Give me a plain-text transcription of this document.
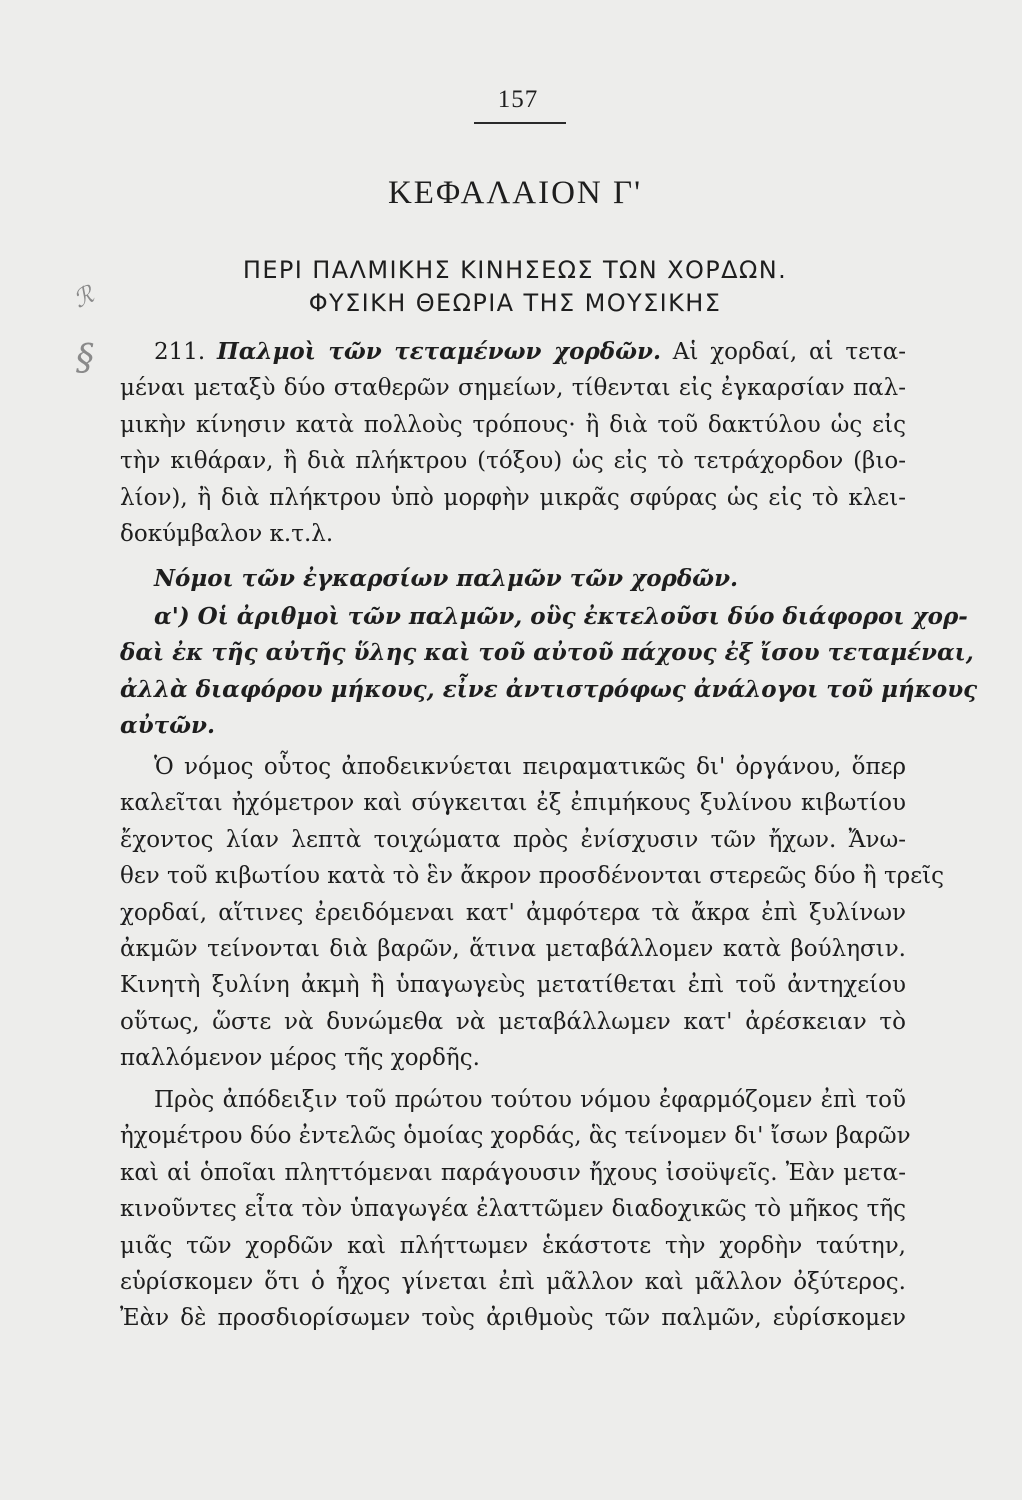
157
ΚΕΦΑΛΑΙΟΝ Γ'
ΠΕΡΙ ΠΑΛΜΙΚΗΣ ΚΙΝΗΣΕΩΣ ΤΩΝ ΧΟΡΔΩΝ.
ΦΥΣΙΚΗ ΘΕΩΡΙΑ ΤΗΣ ΜΟΥΣΙΚΗΣ
ℛ
§	211. Παλμοὶ τῶν τεταμένων χορδῶν. Αἱ χορδαί, αἱ τετα-
μέναι μεταξὺ δύο σταθερῶν σημείων, τίθενται εἰς ἐγκαρσίαν παλ-
μικὴν κίνησιν κατὰ πολλοὺς τρόπους· ἢ διὰ τοῦ δακτύλου ὡς εἰς
τὴν κιθάραν, ἢ διὰ πλήκτρου (τόξου) ὡς εἰς τὸ τετράχορδον (βιο-
λίον), ἢ διὰ πλήκτρου ὑπὸ μορφὴν μικρᾶς σφύρας ὡς εἰς τὸ κλει-
δοκύμβαλον κ.τ.λ.
Νόμοι τῶν ἐγκαρσίων παλμῶν τῶν χορδῶν.
α') Οἱ ἀριθμοὶ τῶν παλμῶν, οὓς ἐκτελοῦσι δύο διάφοροι χορ-
δαὶ ἐκ τῆς αὐτῆς ὕλης καὶ τοῦ αὐτοῦ πάχους ἐξ ἴσου τεταμέναι,
ἀλλὰ διαφόρου μήκους, εἶνε ἀντιστρόφως ἀνάλογοι τοῦ μήκους
αὐτῶν.
Ὁ νόμος οὗτος ἀποδεικνύεται πειραματικῶς δι' ὀργάνου, ὅπερ
καλεῖται ἠχόμετρον καὶ σύγκειται ἐξ ἐπιμήκους ξυλίνου κιβωτίου
ἔχοντος λίαν λεπτὰ τοιχώματα πρὸς ἐνίσχυσιν τῶν ἤχων. Ἄνω-
θεν τοῦ κιβωτίου κατὰ τὸ ἓν ἄκρον προσδένονται στερεῶς δύο ἢ τρεῖς
χορδαί, αἵτινες ἐρειδόμεναι κατ' ἀμφότερα τὰ ἄκρα ἐπὶ ξυλίνων
ἀκμῶν τείνονται διὰ βαρῶν, ἅτινα μεταβάλλομεν κατὰ βούλησιν.
Κινητὴ ξυλίνη ἀκμὴ ἢ ὑπαγωγεὺς μετατίθεται ἐπὶ τοῦ ἀντηχείου
οὕτως, ὥστε νὰ δυνώμεθα νὰ μεταβάλλωμεν κατ' ἀρέσκειαν τὸ
παλλόμενον μέρος τῆς χορδῆς.
Πρὸς ἀπόδειξιν τοῦ πρώτου τούτου νόμου ἐφαρμόζομεν ἐπὶ τοῦ
ἠχομέτρου δύο ἐντελῶς ὁμοίας χορδάς, ἃς τείνομεν δι' ἴσων βαρῶν
καὶ αἱ ὁποῖαι πληττόμεναι παράγουσιν ἤχους ἰσοϋψεῖς. Ἐὰν μετα-
κινοῦντες εἶτα τὸν ὑπαγωγέα ἐλαττῶμεν διαδοχικῶς τὸ μῆκος τῆς
μιᾶς τῶν χορδῶν καὶ πλήττωμεν ἑκάστοτε τὴν χορδὴν ταύτην,
εὑρίσκομεν ὅτι ὁ ἦχος γίνεται ἐπὶ μᾶλλον καὶ μᾶλλον ὀξύτερος.
Ἐὰν δὲ προσδιορίσωμεν τοὺς ἀριθμοὺς τῶν παλμῶν, εὑρίσκομεν
